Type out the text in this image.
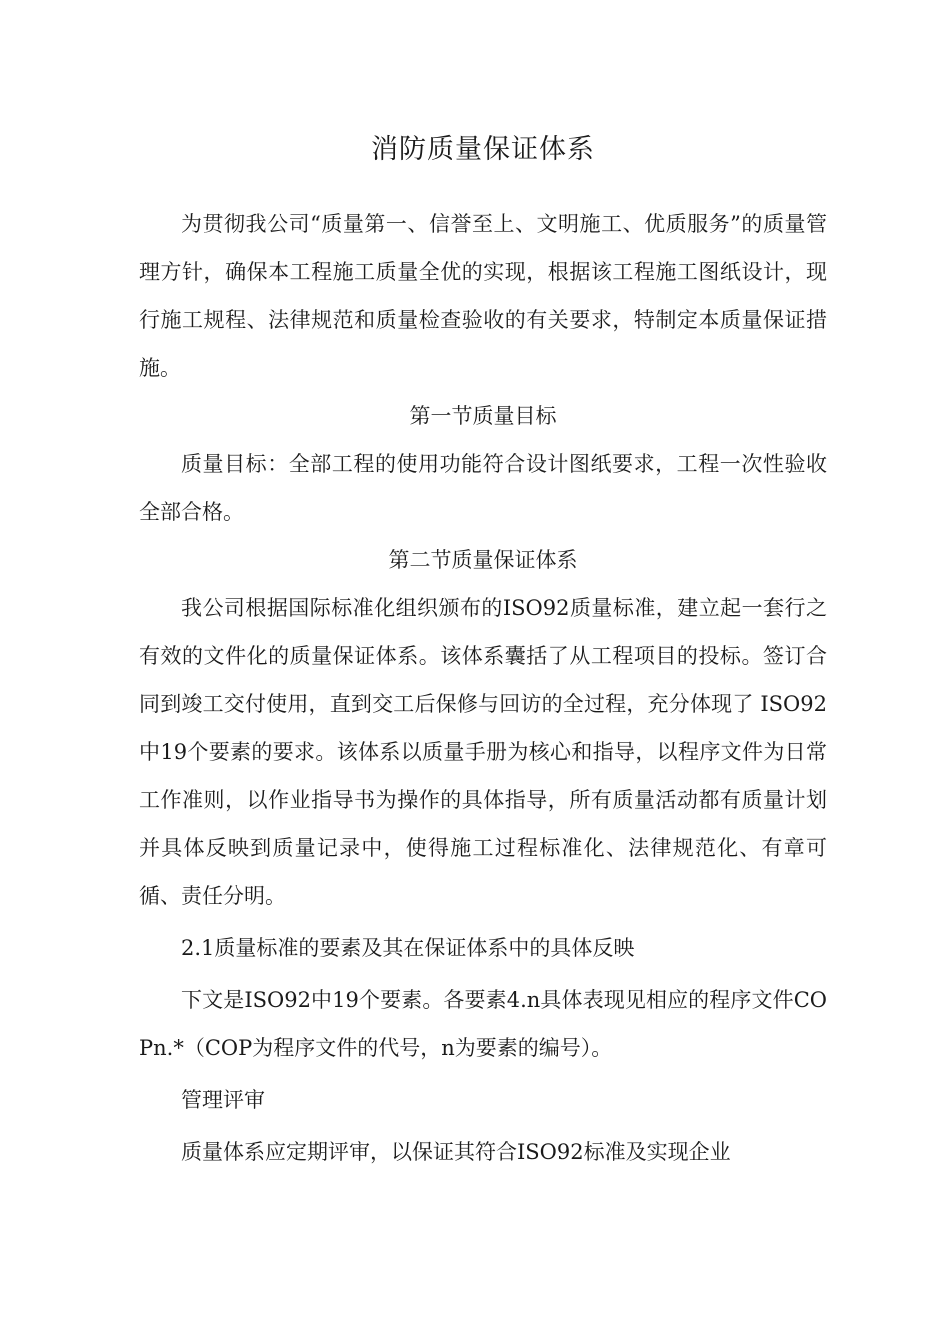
消防质量保证体系

为贯彻我公司“质量第一、信誉至上、文明施工、优质服务”的质量管理方针，确保本工程施工质量全优的实现，根据该工程施工图纸设计，现行施工规程、法律规范和质量检查验收的有关要求，特制定本质量保证措施。

第一节质量目标

质量目标：全部工程的使用功能符合设计图纸要求，工程一次性验收全部合格。

第二节质量保证体系

我公司根据国际标准化组织颁布的ISO92质量标准，建立起一套行之有效的文件化的质量保证体系。该体系囊括了从工程项目的投标。签订合同到竣工交付使用，直到交工后保修与回访的全过程，充分体现了 ISO92中19个要素的要求。该体系以质量手册为核心和指导，以程序文件为日常工作准则，以作业指导书为操作的具体指导，所有质量活动都有质量计划并具体反映到质量记录中，使得施工过程标准化、法律规范化、有章可循、责任分明。

2.1质量标准的要素及其在保证体系中的具体反映

下文是ISO92中19个要素。各要素4.n具体表现见相应的程序文件COPn.*（COP为程序文件的代号，n为要素的编号）。

管理评审

质量体系应定期评审，以保证其符合ISO92标准及实现企业
